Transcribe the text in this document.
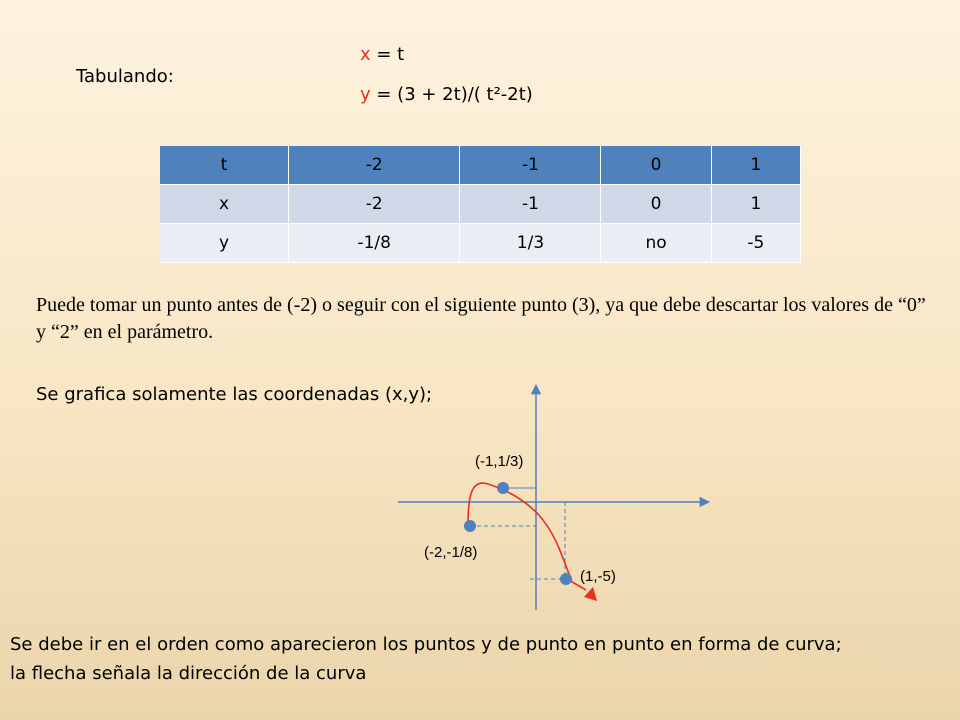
Tabulando:
x = t
y = (3 + 2t)/( t²-2t)
t	-2	-1	0	1
x	-2	-1	0	1
y	-1/8	1/3	no	-5
Puede tomar un punto antes de (-2) o seguir con el siguiente punto (3), ya que debe descartar los valores de “0” y “2” en el parámetro.
Se grafica solamente las coordenadas (x,y);
(-1,1/3)
(-2,-1/8)
(1,-5)
Se debe ir en el orden como aparecieron los puntos y de punto en punto en forma de curva;
la flecha señala la dirección de la curva
